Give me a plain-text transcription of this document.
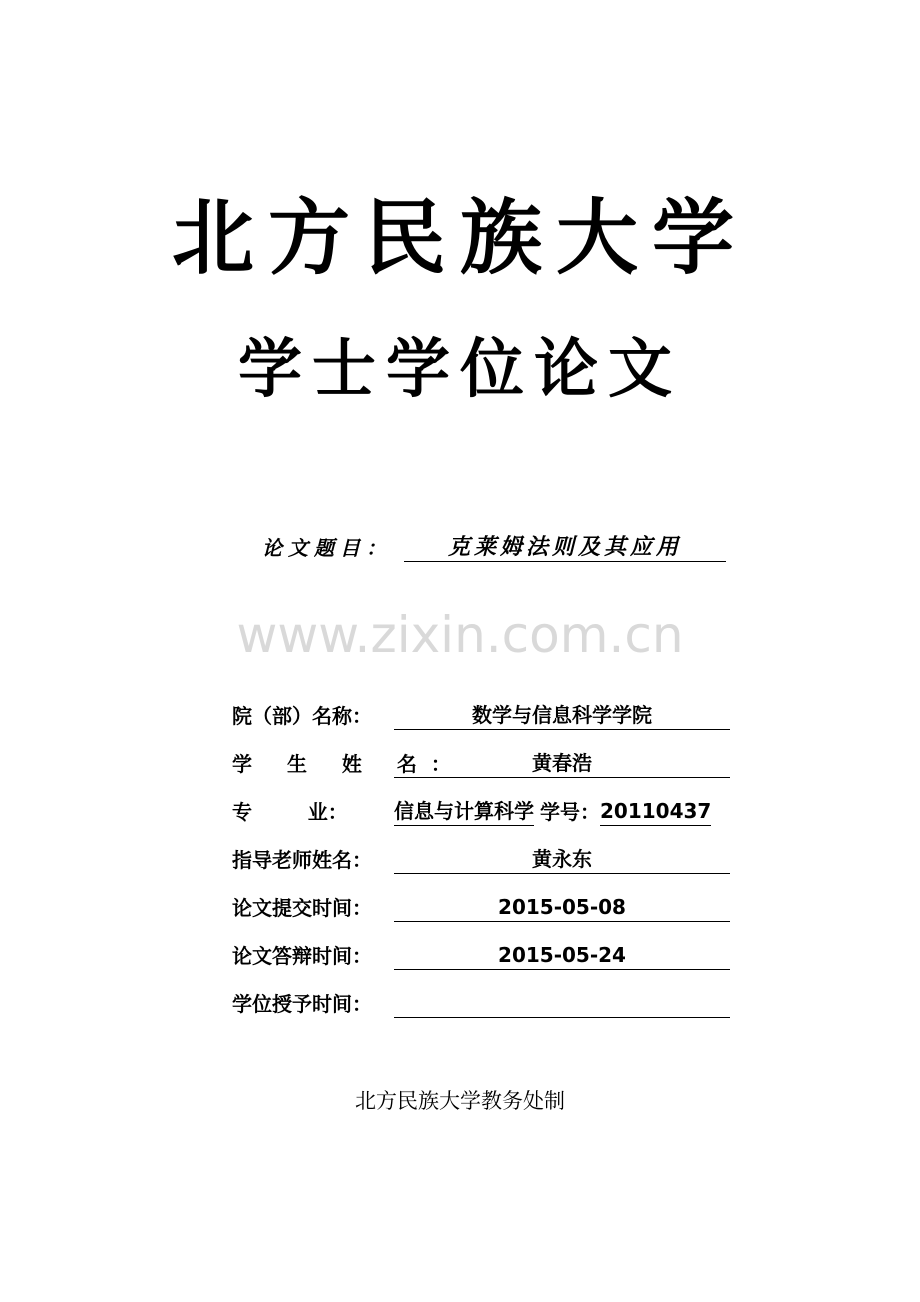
北方民族大学
学士学位论文
论文题目：	克莱姆法则及其应用
www.zixin.com.cn
院（部）名称：	数学与信息科学学院
学 生 姓 名：	黄春浩
专        业：	信息与计算科学 学号： 20110437
指导老师姓名：	黄永东
论文提交时间：	2015-05-08
论文答辩时间：	2015-05-24
学位授予时间：

北方民族大学教务处制
